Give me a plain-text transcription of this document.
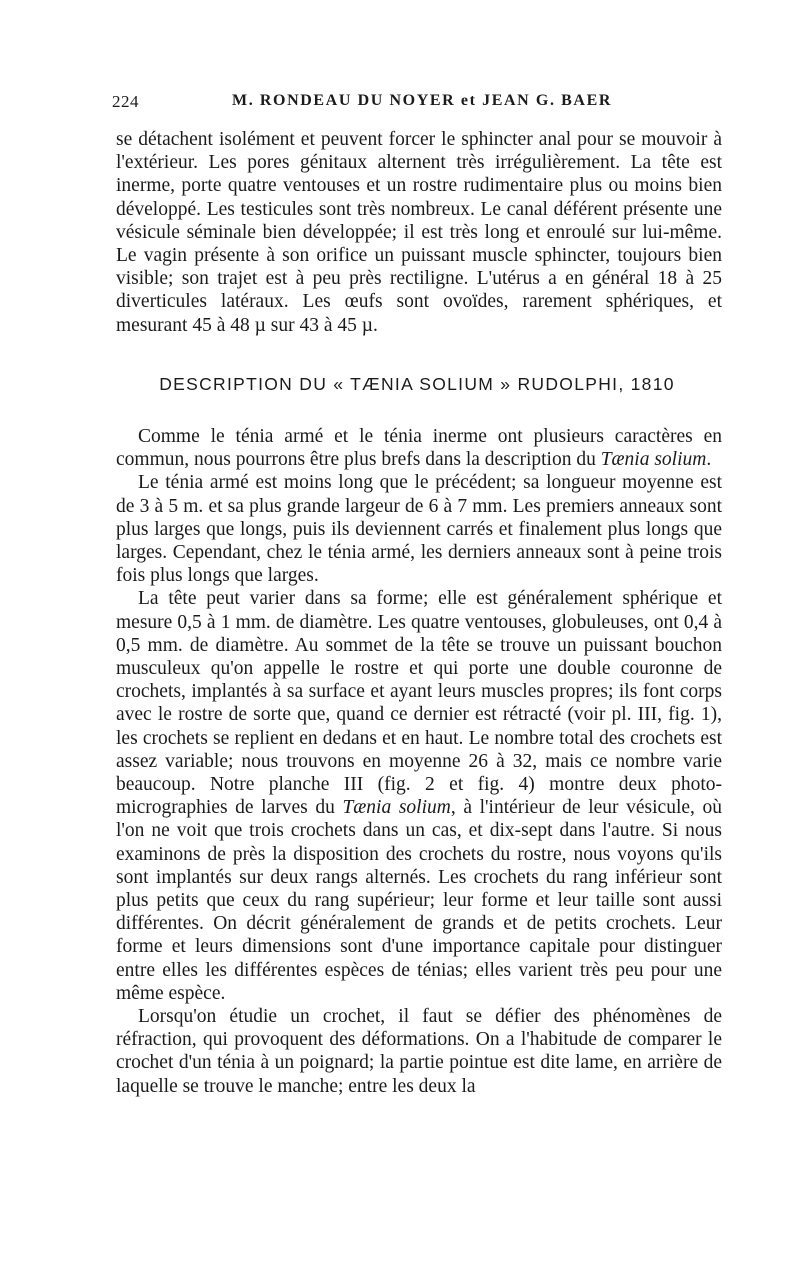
224	M. RONDEAU DU NOYER et JEAN G. BAER

se détachent isolément et peuvent forcer le sphincter anal pour se mouvoir à l'extérieur. Les pores génitaux alternent très irrégulièrement. La tête est inerme, porte quatre ventouses et un rostre rudimentaire plus ou moins bien développé. Les testicules sont très nombreux. Le canal déférent présente une vésicule séminale bien développée; il est très long et enroulé sur lui-même. Le vagin présente à son orifice un puissant muscle sphincter, toujours bien visible; son trajet est à peu près rectiligne. L'utérus a en général 18 à 25 diverticules latéraux. Les œufs sont ovoïdes, rarement sphériques, et mesurant 45 à 48 µ sur 43 à 45 µ.

DESCRIPTION DU « TÆNIA SOLIUM » RUDOLPHI, 1810

Comme le ténia armé et le ténia inerme ont plusieurs caractères en commun, nous pourrons être plus brefs dans la description du Tænia solium.

Le ténia armé est moins long que le précédent; sa longueur moyenne est de 3 à 5 m. et sa plus grande largeur de 6 à 7 mm. Les premiers anneaux sont plus larges que longs, puis ils deviennent carrés et finalement plus longs que larges. Cependant, chez le ténia armé, les derniers anneaux sont à peine trois fois plus longs que larges.

La tête peut varier dans sa forme; elle est généralement sphérique et mesure 0,5 à 1 mm. de diamètre. Les quatre ventouses, globuleuses, ont 0,4 à 0,5 mm. de diamètre. Au sommet de la tête se trouve un puissant bouchon musculeux qu'on appelle le rostre et qui porte une double couronne de crochets, implantés à sa surface et ayant leurs muscles propres; ils font corps avec le rostre de sorte que, quand ce dernier est rétracté (voir pl. III, fig. 1), les crochets se replient en dedans et en haut. Le nombre total des crochets est assez variable; nous trouvons en moyenne 26 à 32, mais ce nombre varie beaucoup. Notre planche III (fig. 2 et fig. 4) montre deux photo-micrographies de larves du Tænia solium, à l'intérieur de leur vésicule, où l'on ne voit que trois crochets dans un cas, et dix-sept dans l'autre. Si nous examinons de près la disposition des crochets du rostre, nous voyons qu'ils sont implantés sur deux rangs alternés. Les crochets du rang inférieur sont plus petits que ceux du rang supérieur; leur forme et leur taille sont aussi différentes. On décrit généralement de grands et de petits crochets. Leur forme et leurs dimensions sont d'une importance capitale pour distinguer entre elles les différentes espèces de ténias; elles varient très peu pour une même espèce.

Lorsqu'on étudie un crochet, il faut se défier des phénomènes de réfraction, qui provoquent des déformations. On a l'habitude de comparer le crochet d'un ténia à un poignard; la partie pointue est dite lame, en arrière de laquelle se trouve le manche; entre les deux la
